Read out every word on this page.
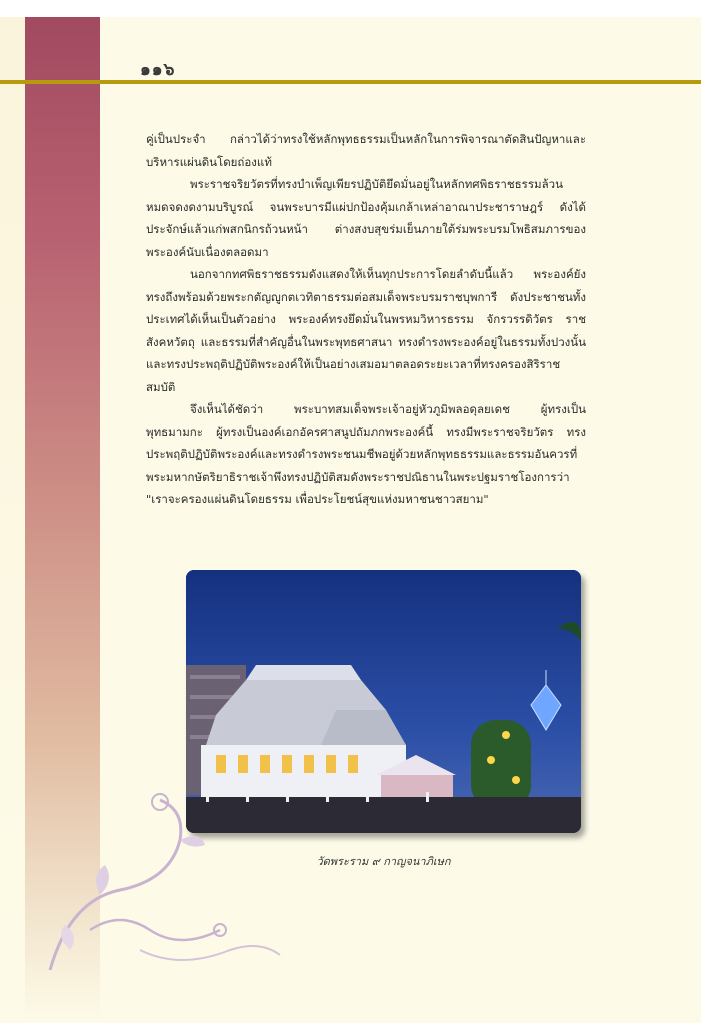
๑๑๖

คู่เป็นประจำ กล่าวได้ว่าทรงใช้หลักพุทธธรรมเป็นหลักในการพิจารณาตัดสินปัญหาและบริหารแผ่นดินโดยถ่องแท้

พระราชจริยวัตรที่ทรงบำเพ็ญเพียรปฏิบัติยึดมั่นอยู่ในหลักทศพิธราชธรรมล้วนหมดจดงดงามบริบูรณ์ จนพระบารมีแผ่ปกป้องคุ้มเกล้าเหล่าอาณาประชาราษฎร์ ดังได้ประจักษ์แล้วแก่พสกนิกรถ้วนหน้า ต่างสงบสุขร่มเย็นภายใต้ร่มพระบรมโพธิสมภารของพระองค์นับเนื่องตลอดมา

นอกจากทศพิธราชธรรมดังแสดงให้เห็นทุกประการโดยลำดับนี้แล้ว พระองค์ยังทรงถึงพร้อมด้วยพระกตัญญูกตเวทิตาธรรมต่อสมเด็จพระบรมราชบุพการี ดังประชาชนทั้งประเทศได้เห็นเป็นตัวอย่าง พระองค์ทรงยึดมั่นในพรหมวิหารธรรม จักรวรรดิวัตร ราชสังคหวัตถุ และธรรมที่สำคัญอื่นในพระพุทธศาสนา ทรงดำรงพระองค์อยู่ในธรรมทั้งปวงนั้นและทรงประพฤติปฏิบัติพระองค์ให้เป็นอย่างเสมอมาตลอดระยะเวลาที่ทรงครองสิริราชสมบัติ

จึงเห็นได้ชัดว่า พระบาทสมเด็จพระเจ้าอยู่หัวภูมิพลอดุลยเดช ผู้ทรงเป็นพุทธมามกะ ผู้ทรงเป็นองค์เอกอัครศาสนูปถัมภกพระองค์นี้ ทรงมีพระราชจริยวัตร ทรงประพฤติปฏิบัติพระองค์และทรงดำรงพระชนมชีพอยู่ด้วยหลักพุทธธรรมและธรรมอันควรที่พระมหากษัตริยาธิราชเจ้าพึงทรงปฏิบัติสมดังพระราชปณิธานในพระปฐมราชโองการว่า "เราจะครองแผ่นดินโดยธรรม เพื่อประโยชน์สุขแห่งมหาชนชาวสยาม"

วัดพระราม ๙ กาญจนาภิเษก
